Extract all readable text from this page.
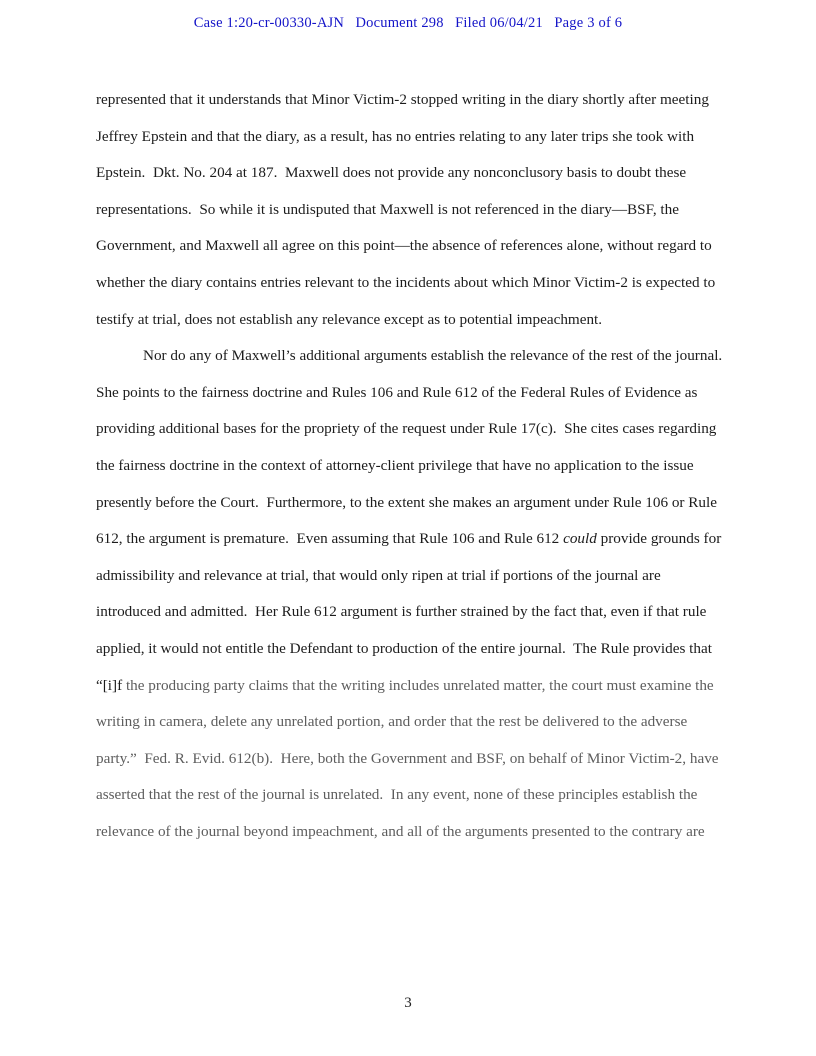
Case 1:20-cr-00330-AJN   Document 298   Filed 06/04/21   Page 3 of 6

represented that it understands that Minor Victim-2 stopped writing in the diary shortly after meeting Jeffrey Epstein and that the diary, as a result, has no entries relating to any later trips she took with Epstein.  Dkt. No. 204 at 187.  Maxwell does not provide any nonconclusory basis to doubt these representations.  So while it is undisputed that Maxwell is not referenced in the diary—BSF, the Government, and Maxwell all agree on this point—the absence of references alone, without regard to whether the diary contains entries relevant to the incidents about which Minor Victim-2 is expected to testify at trial, does not establish any relevance except as to potential impeachment.

Nor do any of Maxwell’s additional arguments establish the relevance of the rest of the journal.  She points to the fairness doctrine and Rules 106 and Rule 612 of the Federal Rules of Evidence as providing additional bases for the propriety of the request under Rule 17(c).  She cites cases regarding the fairness doctrine in the context of attorney-client privilege that have no application to the issue presently before the Court.  Furthermore, to the extent she makes an argument under Rule 106 or Rule 612, the argument is premature.  Even assuming that Rule 106 and Rule 612 could provide grounds for admissibility and relevance at trial, that would only ripen at trial if portions of the journal are introduced and admitted.  Her Rule 612 argument is further strained by the fact that, even if that rule applied, it would not entitle the Defendant to production of the entire journal.  The Rule provides that “[i]f the producing party claims that the writing includes unrelated matter, the court must examine the writing in camera, delete any unrelated portion, and order that the rest be delivered to the adverse party.”  Fed. R. Evid. 612(b).  Here, both the Government and BSF, on behalf of Minor Victim-2, have asserted that the rest of the journal is unrelated.  In any event, none of these principles establish the relevance of the journal beyond impeachment, and all of the arguments presented to the contrary are

3
